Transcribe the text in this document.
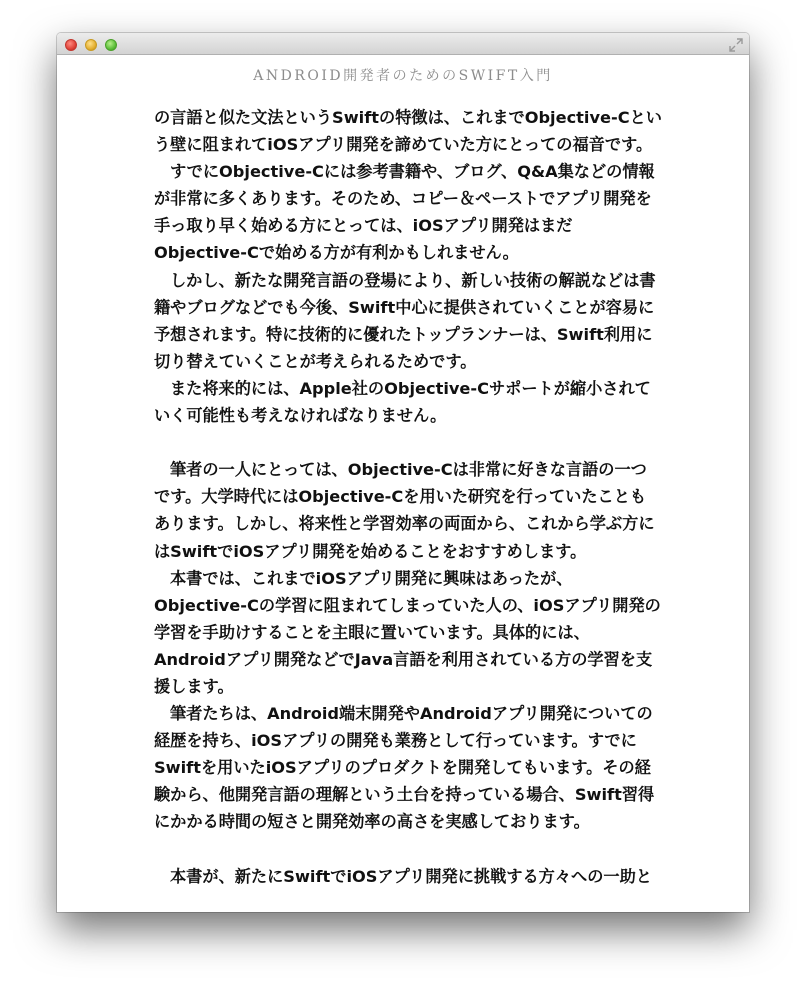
ANDROID開発者のためのSWIFT入門
の言語と似た文法というSwiftの特徴は、これまでObjective-Cとい
う壁に阻まれてiOSアプリ開発を諦めていた方にとっての福音です。
すでにObjective-Cには参考書籍や、ブログ、Q&A集などの情報
が非常に多くあります。そのため、コピー＆ペーストでアプリ開発を
手っ取り早く始める方にとっては、iOSアプリ開発はまだ
Objective-Cで始める方が有利かもしれません。
しかし、新たな開発言語の登場により、新しい技術の解説などは書
籍やブログなどでも今後、Swift中心に提供されていくことが容易に
予想されます。特に技術的に優れたトップランナーは、Swift利用に
切り替えていくことが考えられるためです。
また将来的には、Apple社のObjective-Cサポートが縮小されて
いく可能性も考えなければなりません。
筆者の一人にとっては、Objective-Cは非常に好きな言語の一つ
です。大学時代にはObjective-Cを用いた研究を行っていたことも
あります。しかし、将来性と学習効率の両面から、これから学ぶ方に
はSwiftでiOSアプリ開発を始めることをおすすめします。
本書では、これまでiOSアプリ開発に興味はあったが、
Objective-Cの学習に阻まれてしまっていた人の、iOSアプリ開発の
学習を手助けすることを主眼に置いています。具体的には、
Androidアプリ開発などでJava言語を利用されている方の学習を支
援します。
筆者たちは、Android端末開発やAndroidアプリ開発についての
経歴を持ち、iOSアプリの開発も業務として行っています。すでに
Swiftを用いたiOSアプリのプロダクトを開発してもいます。その経
験から、他開発言語の理解という土台を持っている場合、Swift習得
にかかる時間の短さと開発効率の高さを実感しております。
本書が、新たにSwiftでiOSアプリ開発に挑戦する方々への一助と
